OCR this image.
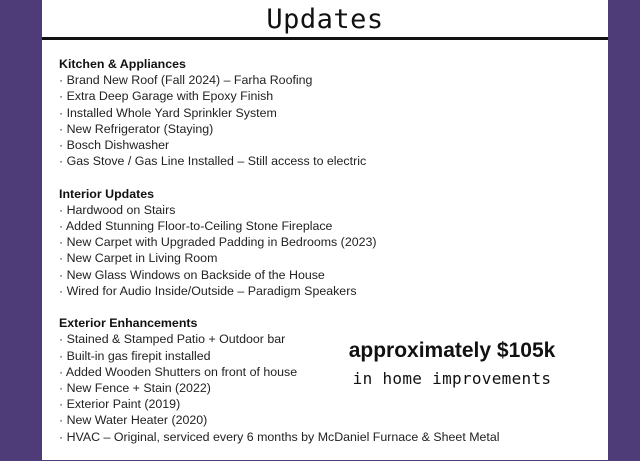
Updates
Kitchen & Appliances
· Brand New Roof (Fall 2024) – Farha Roofing
· Extra Deep Garage with Epoxy Finish
· Installed Whole Yard Sprinkler System
· New Refrigerator (Staying)
· Bosch Dishwasher
· Gas Stove / Gas Line Installed – Still access to electric
Interior Updates
· Hardwood on Stairs
· Added Stunning Floor-to-Ceiling Stone Fireplace
· New Carpet with Upgraded Padding in Bedrooms (2023)
· New Carpet in Living Room
· New Glass Windows on Backside of the House
· Wired for Audio Inside/Outside – Paradigm Speakers
Exterior Enhancements
· Stained & Stamped Patio + Outdoor bar
· Built-in gas firepit installed
· Added Wooden Shutters on front of house
· New Fence + Stain (2022)
· Exterior Paint (2019)
· New Water Heater (2020)
· HVAC – Original, serviced every 6 months by McDaniel Furnace & Sheet Metal
approximately $105k
in home improvements
